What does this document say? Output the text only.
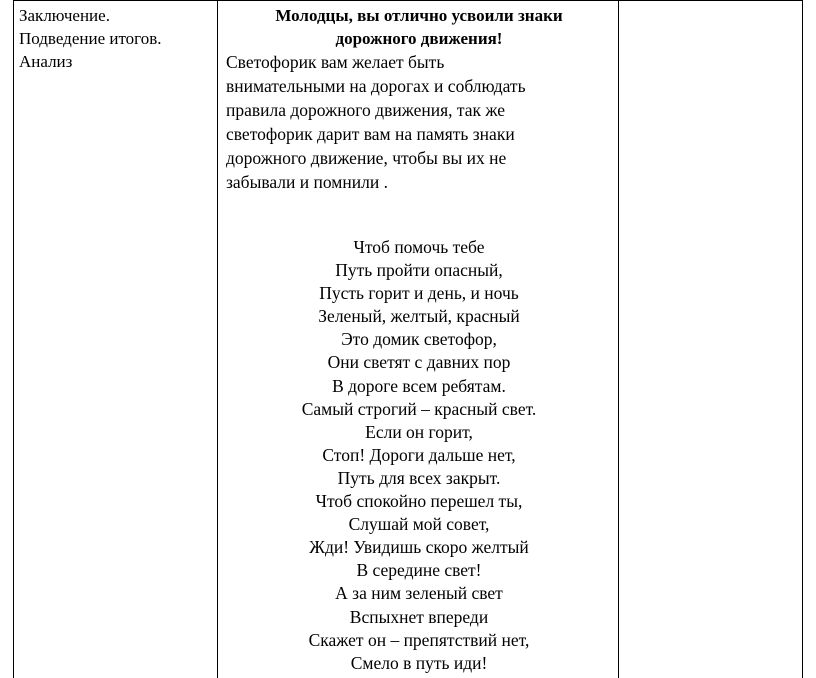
Заключение.
Подведение итогов.
Анализ
Молодцы, вы отлично усвоили знаки
дорожного движения!
Светофорик вам желает быть
внимательными на дорогах и соблюдать
правила дорожного движения, так же
светофорик дарит вам на память знаки
дорожного движение, чтобы вы их не
забывали и помнили .
Чтоб помочь тебе
Путь пройти опасный,
Пусть горит и день, и ночь
Зеленый, желтый, красный
Это домик светофор,
Они светят с давних пор
В дороге всем ребятам.
Самый строгий – красный свет.
Если он горит,
Стоп! Дороги дальше нет,
Путь для всех закрыт.
Чтоб спокойно перешел ты,
Слушай мой совет,
Жди! Увидишь скоро желтый
В середине свет!
А за ним зеленый свет
Вспыхнет впереди
Скажет он – препятствий нет,
Смело в путь иди!
